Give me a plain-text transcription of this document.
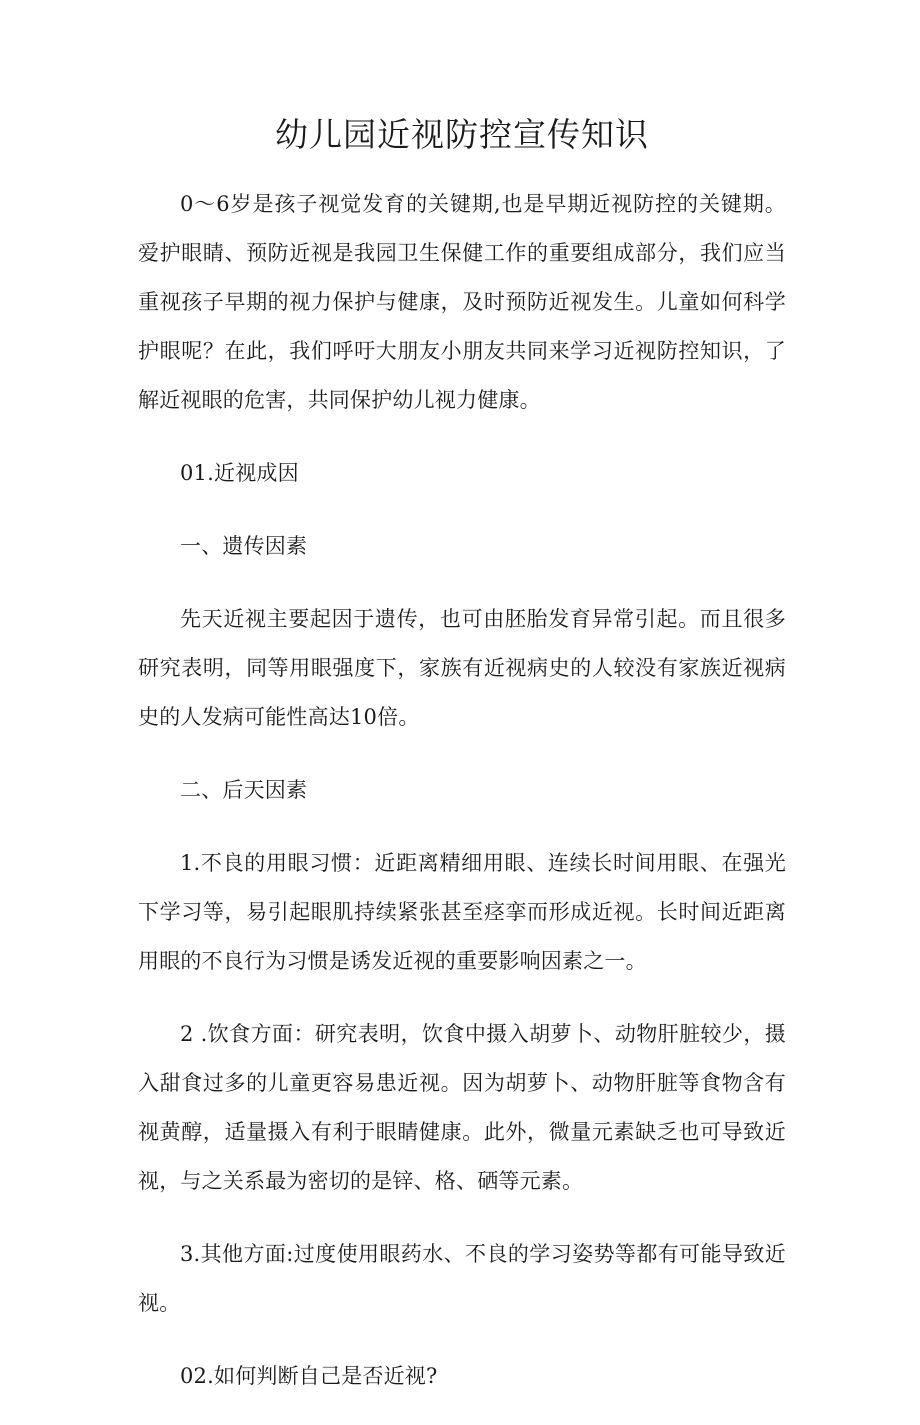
幼儿园近视防控宣传知识

0～6岁是孩子视觉发育的关键期,也是早期近视防控的关键期。爱护眼睛、预防近视是我园卫生保健工作的重要组成部分，我们应当重视孩子早期的视力保护与健康，及时预防近视发生。儿童如何科学护眼呢？在此，我们呼吁大朋友小朋友共同来学习近视防控知识，了解近视眼的危害，共同保护幼儿视力健康。

01.近视成因

一、遗传因素

先天近视主要起因于遗传，也可由胚胎发育异常引起。而且很多研究表明，同等用眼强度下，家族有近视病史的人较没有家族近视病史的人发病可能性高达10倍。

二、后天因素

1.不良的用眼习惯：近距离精细用眼、连续长时间用眼、在强光下学习等，易引起眼肌持续紧张甚至痉挛而形成近视。长时间近距离用眼的不良行为习惯是诱发近视的重要影响因素之一。

2 .饮食方面：研究表明，饮食中摄入胡萝卜、动物肝脏较少，摄入甜食过多的儿童更容易患近视。因为胡萝卜、动物肝脏等食物含有视黄醇，适量摄入有利于眼睛健康。此外，微量元素缺乏也可导致近视，与之关系最为密切的是锌、格、硒等元素。

3.其他方面:过度使用眼药水、不良的学习姿势等都有可能导致近视。

02.如何判断自己是否近视?
